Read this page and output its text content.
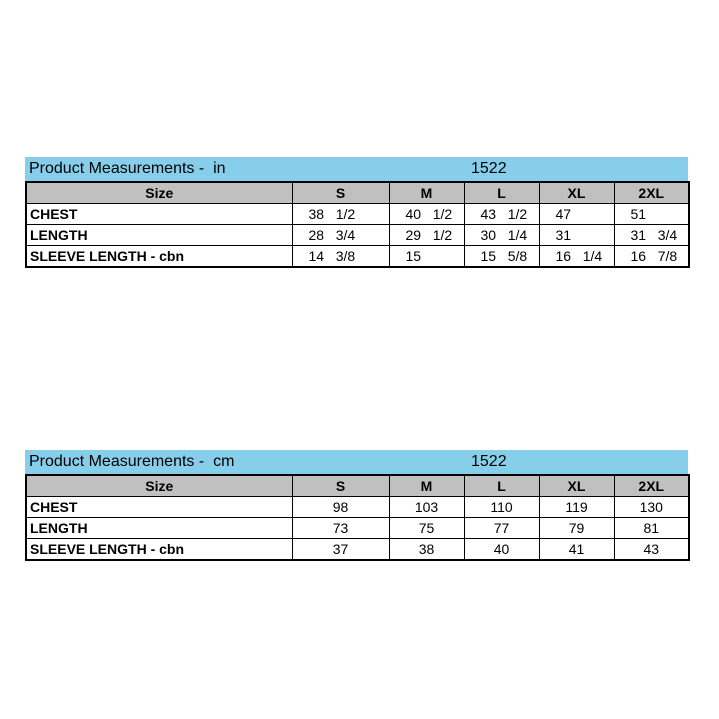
Product Measurements -  in	1522
Size	S	M	L	XL	2XL
CHEST	38   1/2	40   1/2	43   1/2	47	51
LENGTH	28   3/4	29   1/2	30   1/4	31	31   3/4
SLEEVE LENGTH - cbn	14   3/8	15	15   5/8	16   1/4	16   7/8
Product Measurements -  cm	1522
Size	S	M	L	XL	2XL
CHEST	98	103	110	119	130
LENGTH	73	75	77	79	81
SLEEVE LENGTH - cbn	37	38	40	41	43
